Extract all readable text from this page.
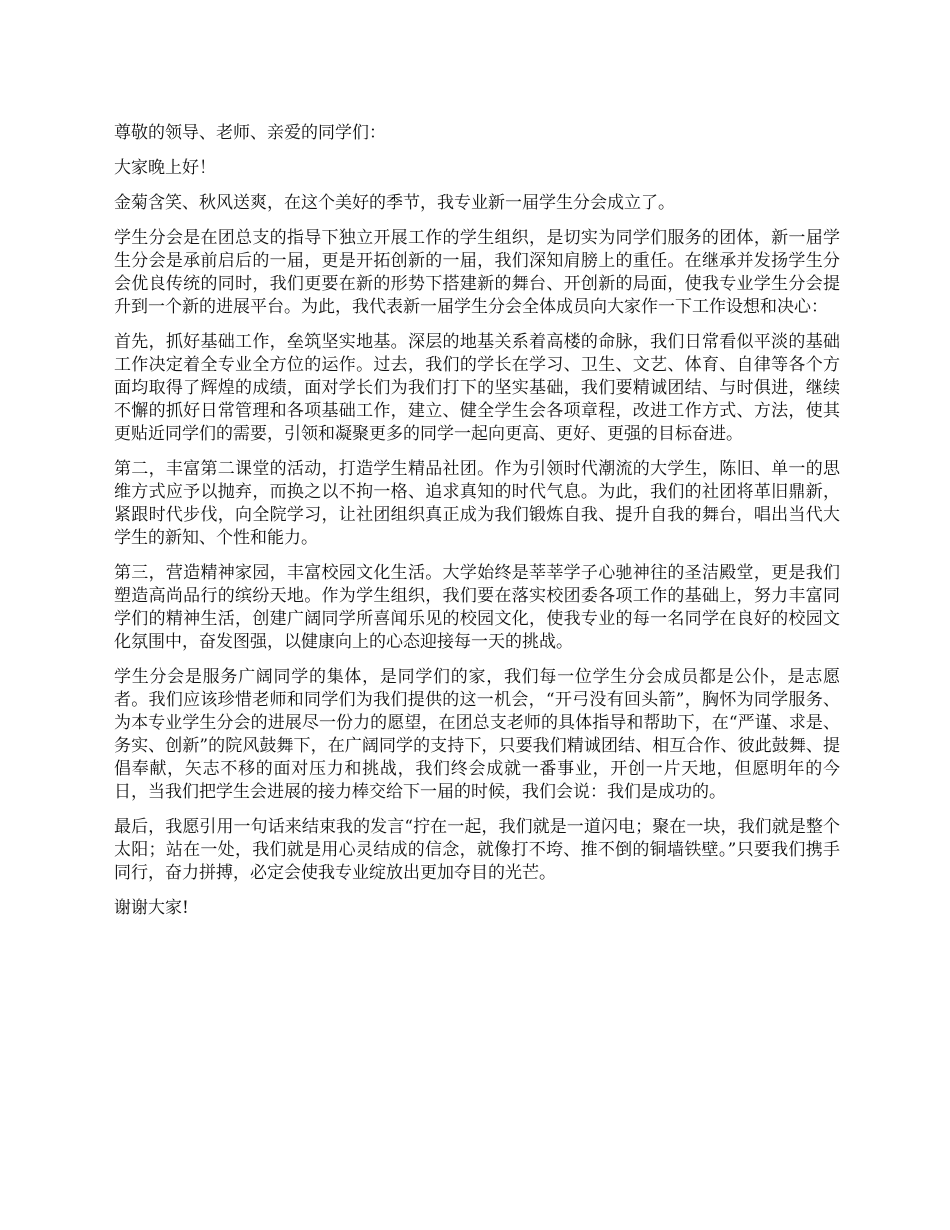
尊敬的领导、老师、亲爱的同学们：

大家晚上好！

金菊含笑、秋风送爽，在这个美好的季节，我专业新一届学生分会成立了。

学生分会是在团总支的指导下独立开展工作的学生组织，是切实为同学们服务的团体，新一届学生分会是承前启后的一届，更是开拓创新的一届，我们深知肩膀上的重任。在继承并发扬学生分会优良传统的同时，我们更要在新的形势下搭建新的舞台、开创新的局面，使我专业学生分会提升到一个新的进展平台。为此，我代表新一届学生分会全体成员向大家作一下工作设想和决心：

首先，抓好基础工作，垒筑坚实地基。深层的地基关系着高楼的命脉，我们日常看似平淡的基础工作决定着全专业全方位的运作。过去，我们的学长在学习、卫生、文艺、体育、自律等各个方面均取得了辉煌的成绩，面对学长们为我们打下的坚实基础，我们要精诚团结、与时俱进，继续不懈的抓好日常管理和各项基础工作，建立、健全学生会各项章程，改进工作方式、方法，使其更贴近同学们的需要，引领和凝聚更多的同学一起向更高、更好、更强的目标奋进。

第二，丰富第二课堂的活动，打造学生精品社团。作为引领时代潮流的大学生，陈旧、单一的思维方式应予以抛弃，而换之以不拘一格、追求真知的时代气息。为此，我们的社团将革旧鼎新，紧跟时代步伐，向全院学习，让社团组织真正成为我们锻炼自我、提升自我的舞台，唱出当代大学生的新知、个性和能力。

第三，营造精神家园，丰富校园文化生活。大学始终是莘莘学子心驰神往的圣洁殿堂，更是我们塑造高尚品行的缤纷天地。作为学生组织，我们要在落实校团委各项工作的基础上，努力丰富同学们的精神生活，创建广阔同学所喜闻乐见的校园文化，使我专业的每一名同学在良好的校园文化氛围中，奋发图强，以健康向上的心态迎接每一天的挑战。

学生分会是服务广阔同学的集体，是同学们的家，我们每一位学生分会成员都是公仆，是志愿者。我们应该珍惜老师和同学们为我们提供的这一机会，“开弓没有回头箭”，胸怀为同学服务、为本专业学生分会的进展尽一份力的愿望，在团总支老师的具体指导和帮助下，在“严谨、求是、务实、创新”的院风鼓舞下，在广阔同学的支持下，只要我们精诚团结、相互合作、彼此鼓舞、提倡奉献，矢志不移的面对压力和挑战，我们终会成就一番事业，开创一片天地，但愿明年的今日，当我们把学生会进展的接力棒交给下一届的时候，我们会说：我们是成功的。

最后，我愿引用一句话来结束我的发言“拧在一起，我们就是一道闪电；聚在一块，我们就是整个太阳；站在一处，我们就是用心灵结成的信念，就像打不垮、推不倒的铜墙铁壁。”只要我们携手同行，奋力拼搏，必定会使我专业绽放出更加夺目的光芒。

谢谢大家!
